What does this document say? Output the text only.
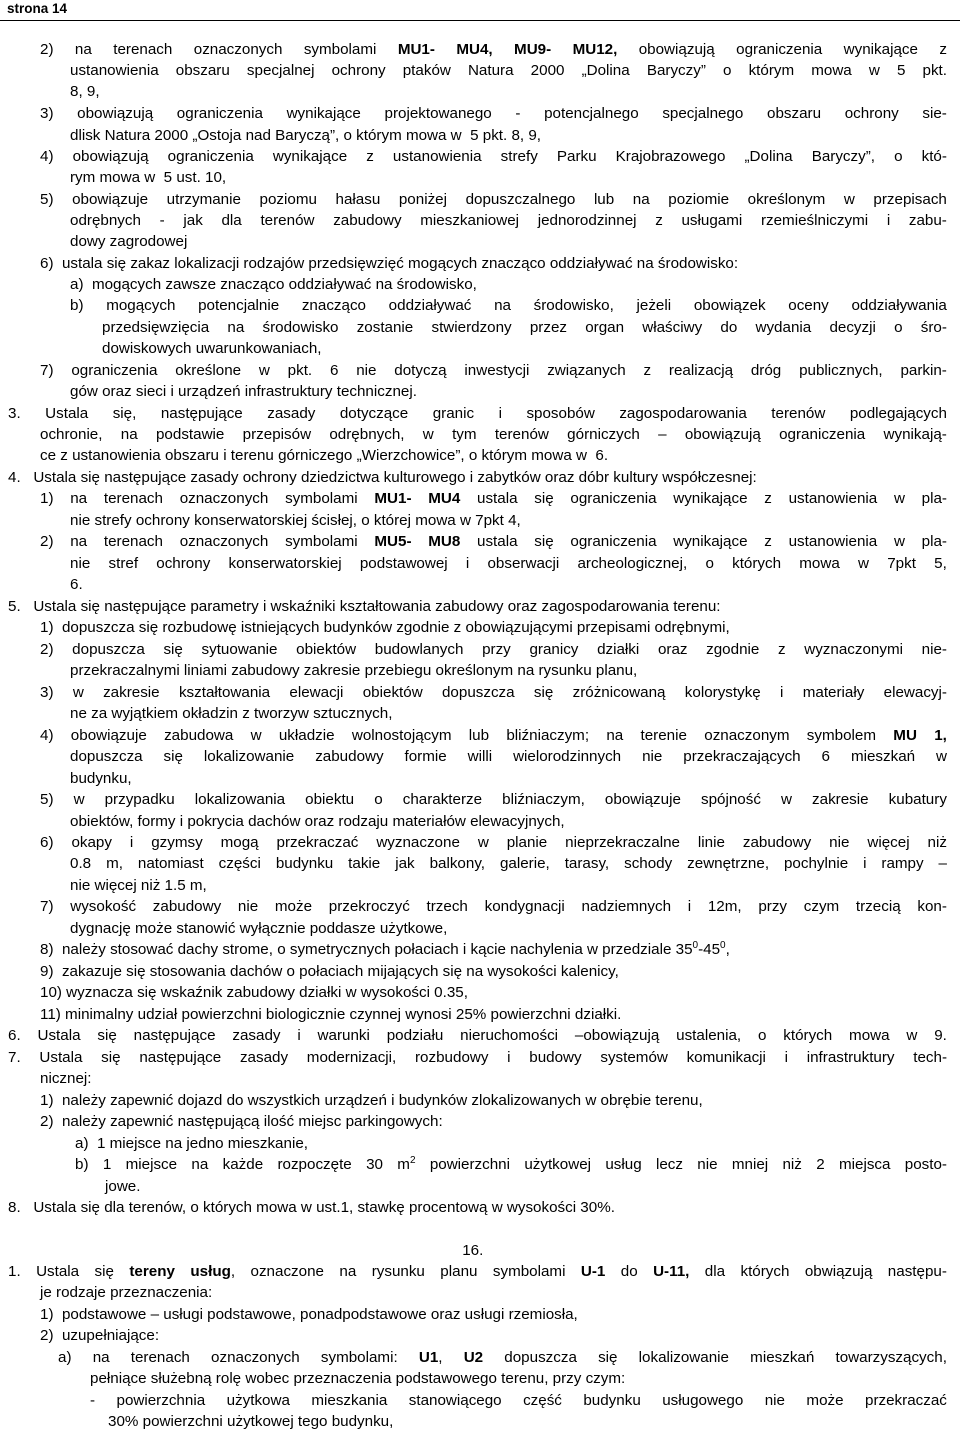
strona 14
2) na terenach oznaczonych symbolami MU1- MU4, MU9- MU12, obowiązują ograniczenia wynikające z
ustanowienia obszaru specjalnej ochrony ptaków Natura 2000 „Dolina Baryczy” o którym mowa w 5 pkt.
8, 9,
3) obowiązują ograniczenia wynikające projektowanego - potencjalnego specjalnego obszaru ochrony sie-
dlisk Natura 2000 „Ostoja nad Baryczą”, o którym mowa w  5 pkt. 8, 9,
4) obowiązują ograniczenia wynikające z ustanowienia strefy Parku Krajobrazowego „Dolina Baryczy”, o któ-
rym mowa w  5 ust. 10,
5) obowiązuje utrzymanie poziomu hałasu poniżej dopuszczalnego lub na poziomie określonym w przepisach
odrębnych - jak dla terenów zabudowy mieszkaniowej jednorodzinnej z usługami rzemieślniczymi i zabu-
dowy zagrodowej
6)  ustala się zakaz lokalizacji rodzajów przedsięwzięć mogących znacząco oddziaływać na środowisko:
a)  mogących zawsze znacząco oddziaływać na środowisko,
b) mogących potencjalnie znacząco oddziaływać na środowisko, jeżeli obowiązek oceny oddziaływania
przedsięwzięcia na środowisko zostanie stwierdzony przez organ właściwy do wydania decyzji o śro-
dowiskowych uwarunkowaniach,
7) ograniczenia określone w pkt. 6 nie dotyczą inwestycji związanych z realizacją dróg publicznych, parkin-
gów oraz sieci i urządzeń infrastruktury technicznej.
3. Ustala się, następujące zasady dotyczące granic i sposobów zagospodarowania terenów podlegających
ochronie, na podstawie przepisów odrębnych, w tym terenów górniczych – obowiązują ograniczenia wynikają-
ce z ustanowienia obszaru i terenu górniczego „Wierzchowice”, o którym mowa w  6.
4.   Ustala się następujące zasady ochrony dziedzictwa kulturowego i zabytków oraz dóbr kultury współczesnej:
1) na terenach oznaczonych symbolami MU1- MU4 ustala się ograniczenia wynikające z ustanowienia w pla-
nie strefy ochrony konserwatorskiej ścisłej, o której mowa w 7pkt 4,
2) na terenach oznaczonych symbolami MU5- MU8 ustala się ograniczenia wynikające z ustanowienia w pla-
nie stref ochrony konserwatorskiej podstawowej i obserwacji archeologicznej, o których mowa w 7pkt 5,
6.
5.   Ustala się następujące parametry i wskaźniki kształtowania zabudowy oraz zagospodarowania terenu:
1)  dopuszcza się rozbudowę istniejących budynków zgodnie z obowiązującymi przepisami odrębnymi,
2) dopuszcza się sytuowanie obiektów budowlanych przy granicy działki oraz zgodnie z wyznaczonymi nie-
przekraczalnymi liniami zabudowy zakresie przebiegu określonym na rysunku planu,
3) w zakresie kształtowania elewacji obiektów dopuszcza się zróżnicowaną kolorystykę i materiały elewacyj-
ne za wyjątkiem okładzin z tworzyw sztucznych,
4) obowiązuje zabudowa w układzie wolnostojącym lub bliźniaczym; na terenie oznaczonym symbolem MU 1,
dopuszcza się lokalizowanie zabudowy formie willi wielorodzinnych nie przekraczających 6 mieszkań w
budynku,
5) w przypadku lokalizowania obiektu o charakterze bliźniaczym, obowiązuje spójność w zakresie kubatury
obiektów, formy i pokrycia dachów oraz rodzaju materiałów elewacyjnych,
6) okapy i gzymsy mogą przekraczać wyznaczone w planie nieprzekraczalne linie zabudowy nie więcej niż
0.8 m, natomiast części budynku takie jak balkony, galerie, tarasy, schody zewnętrzne, pochylnie i rampy –
nie więcej niż 1.5 m,
7) wysokość zabudowy nie może przekroczyć trzech kondygnacji nadziemnych i 12m, przy czym trzecią kon-
dygnację może stanowić wyłącznie poddasze użytkowe,
8)  należy stosować dachy strome, o symetrycznych połaciach i kącie nachylenia w przedziale $35^0-45^0$,
9)  zakazuje się stosowania dachów o połaciach mijających się na wysokości kalenicy,
10) wyznacza się wskaźnik zabudowy działki w wysokości 0.35,
11) minimalny udział powierzchni biologicznie czynnej wynosi 25% powierzchni działki.
6. Ustala się następujące zasady i warunki podziału nieruchomości –obowiązują ustalenia, o których mowa w 9.
7. Ustala się następujące zasady modernizacji, rozbudowy i budowy systemów komunikacji i infrastruktury tech-
nicznej:
1)  należy zapewnić dojazd do wszystkich urządzeń i budynków zlokalizowanych w obrębie terenu,
2)  należy zapewnić następującą ilość miejsc parkingowych:
a)  1 miejsce na jedno mieszkanie,
b) 1 miejsce na każde rozpoczęte 30 $m^2$ powierzchni użytkowej usług lecz nie mniej niż 2 miejsca posto-
jowe.
8.   Ustala się dla terenów, o których mowa w ust.1, stawkę procentową w wysokości 30%.
16.
1. Ustala się tereny usług, oznaczone na rysunku planu symbolami U-1 do U-11, dla których obwiązują następu-
je rodzaje przeznaczenia:
1)  podstawowe – usługi podstawowe, ponadpodstawowe oraz usługi rzemiosła,
2)  uzupełniające:
a) na terenach oznaczonych symbolami: U1, U2 dopuszcza się lokalizowanie mieszkań towarzyszących,
pełniące służebną rolę wobec przeznaczenia podstawowego terenu, przy czym:
- powierzchnia użytkowa mieszkania stanowiącego część budynku usługowego nie może przekraczać
30% powierzchni użytkowej tego budynku,
